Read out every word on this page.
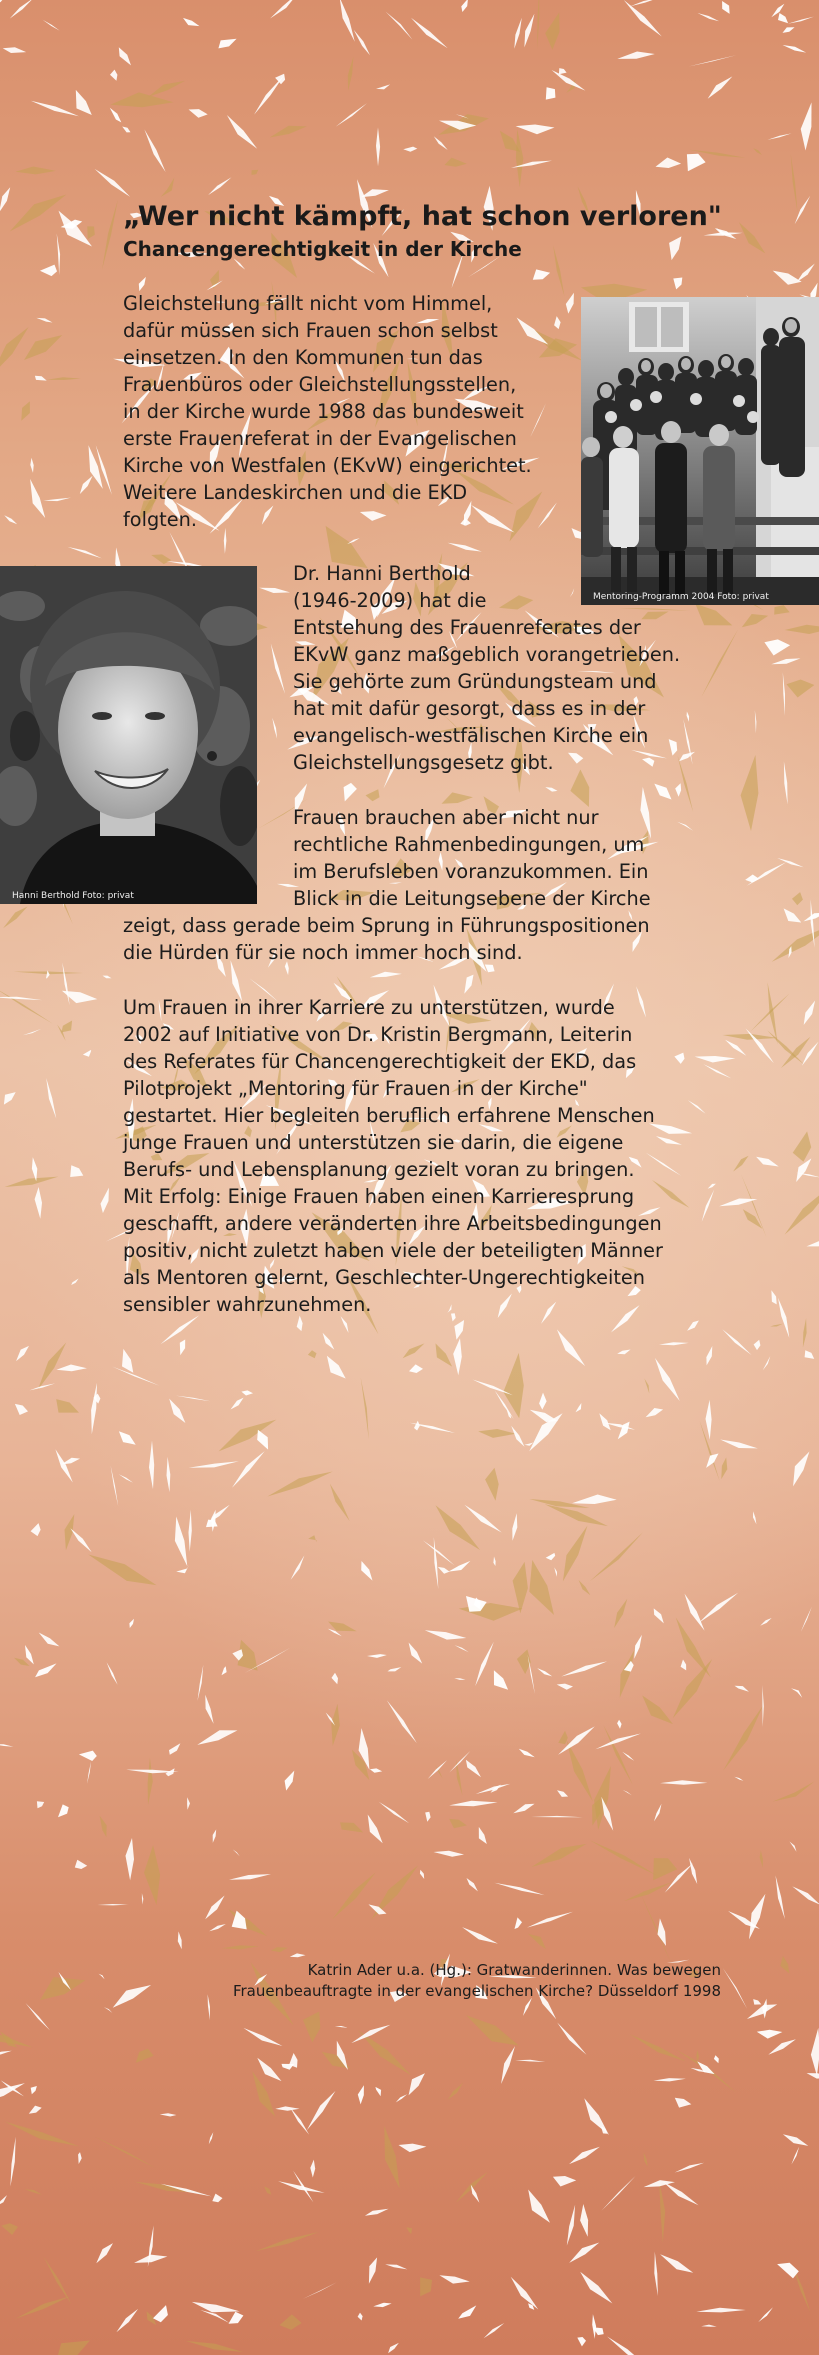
„Wer nicht kämpft, hat schon verloren"
Chancengerechtigkeit in der Kirche
Gleichstellung fällt nicht vom Himmel,
dafür müssen sich Frauen schon selbst
einsetzen. In den Kommunen tun das
Frauenbüros oder Gleichstellungsstellen,
in der Kirche wurde 1988 das bundesweit
erste Frauenreferat in der Evangelischen
Kirche von Westfalen (EKvW) eingerichtet.
Weitere Landeskirchen und die EKD
folgten.
Mentoring-Programm 2004 Foto: privat
Hanni Berthold Foto: privat
Dr. Hanni Berthold
(1946-2009) hat die
Entstehung des Frauenreferates der
EKvW ganz maßgeblich vorangetrieben.
Sie gehörte zum Gründungsteam und
hat mit dafür gesorgt, dass es in der
evangelisch-westfälischen Kirche ein
Gleichstellungsgesetz gibt.
Frauen brauchen aber nicht nur
rechtliche Rahmenbedingungen, um
im Berufsleben voranzukommen. Ein
Blick in die Leitungsebene der Kirche
zeigt, dass gerade beim Sprung in Führungspositionen
die Hürden für sie noch immer hoch sind.
Um Frauen in ihrer Karriere zu unterstützen, wurde
2002 auf Initiative von Dr. Kristin Bergmann, Leiterin
des Referates für Chancengerechtigkeit der EKD, das
Pilotprojekt „Mentoring für Frauen in der Kirche"
gestartet. Hier begleiten beruflich erfahrene Menschen
junge Frauen und unterstützen sie darin, die eigene
Berufs- und Lebensplanung gezielt voran zu bringen.
Mit Erfolg: Einige Frauen haben einen Karrieresprung
geschafft, andere veränderten ihre Arbeitsbedingungen
positiv, nicht zuletzt haben viele der beteiligten Männer
als Mentoren gelernt, Geschlechter-Ungerechtigkeiten
sensibler wahrzunehmen.
Katrin Ader u.a. (Hg.): Gratwanderinnen. Was bewegen
Frauenbeauftragte in der evangelischen Kirche? Düsseldorf 1998
